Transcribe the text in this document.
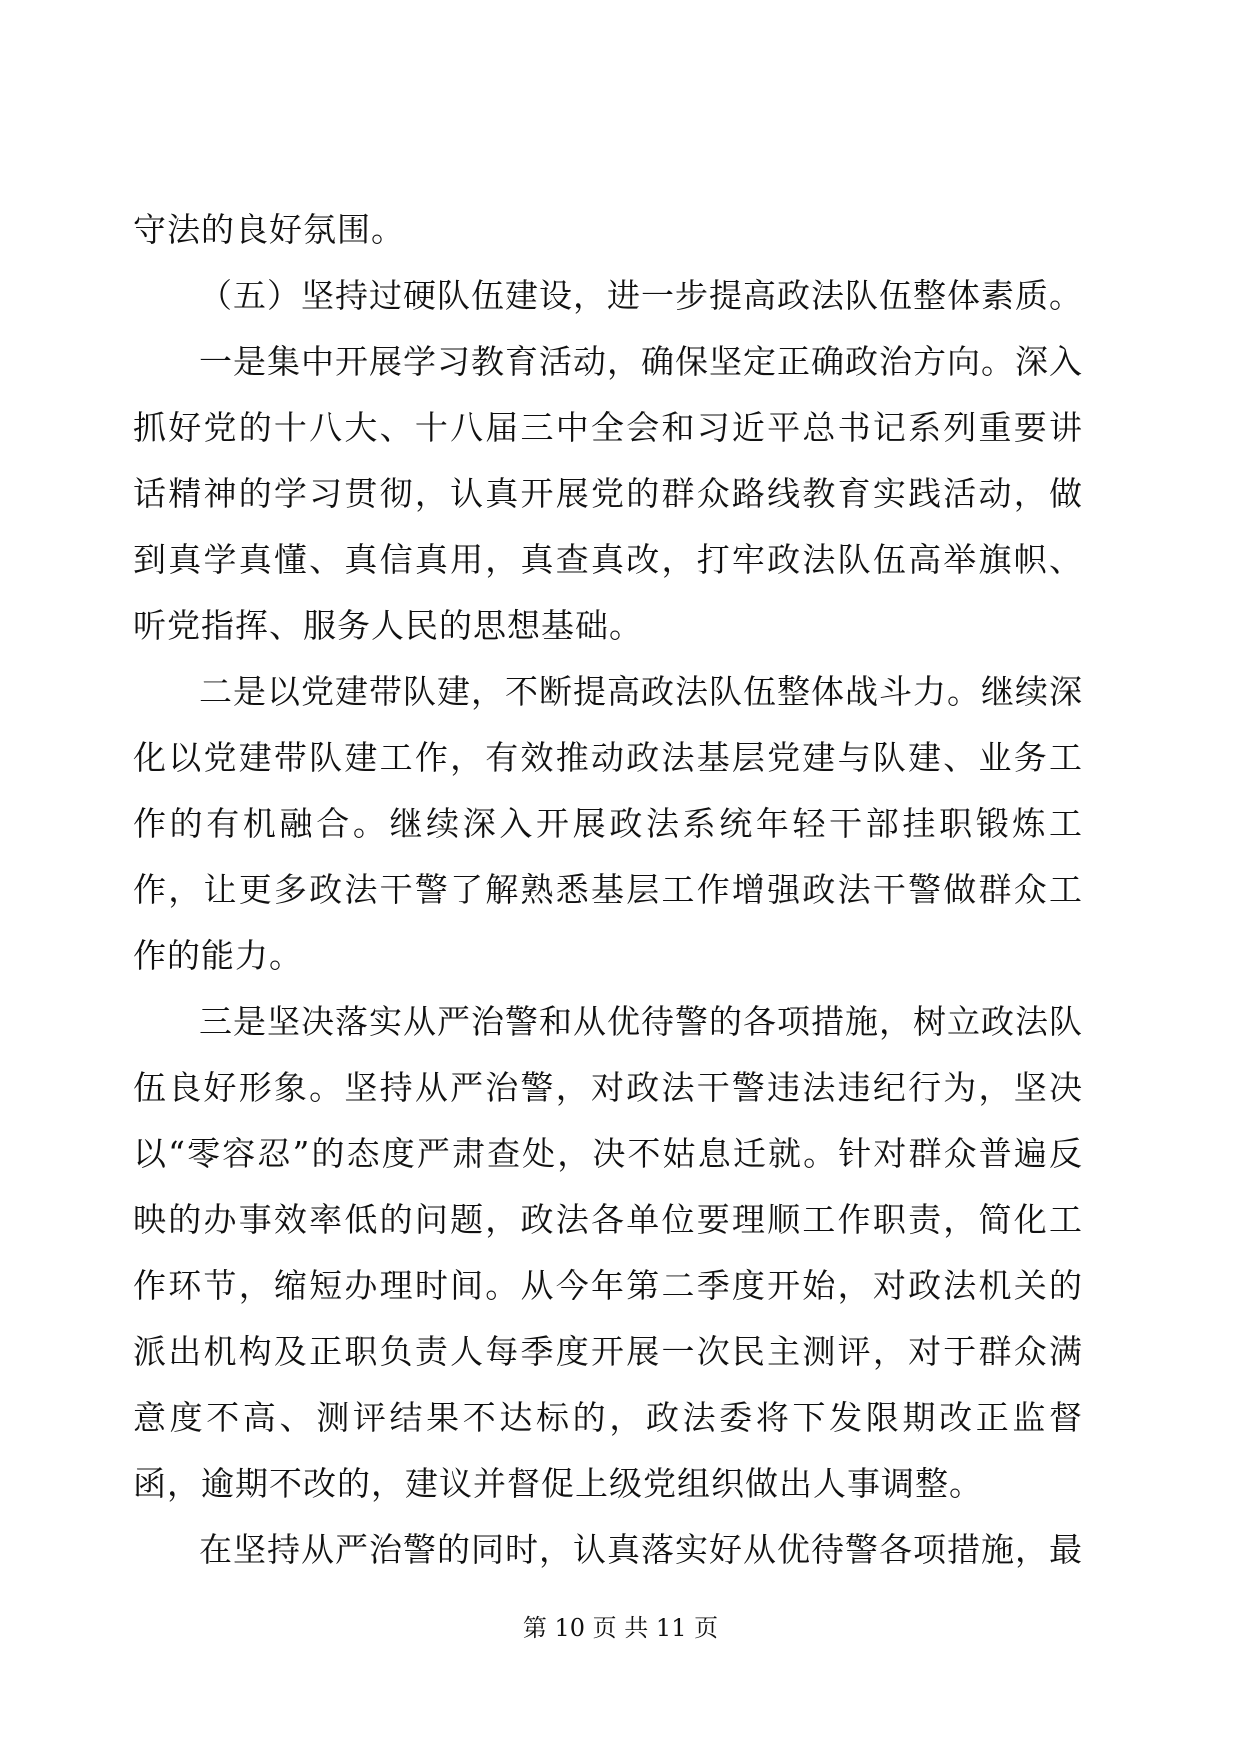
守法的良好氛围。

（五）坚持过硬队伍建设，进一步提高政法队伍整体素质。

一是集中开展学习教育活动，确保坚定正确政治方向。深入抓好党的十八大、十八届三中全会和习近平总书记系列重要讲话精神的学习贯彻，认真开展党的群众路线教育实践活动，做到真学真懂、真信真用，真查真改，打牢政法队伍高举旗帜、听党指挥、服务人民的思想基础。

二是以党建带队建，不断提高政法队伍整体战斗力。继续深化以党建带队建工作，有效推动政法基层党建与队建、业务工作的有机融合。继续深入开展政法系统年轻干部挂职锻炼工作，让更多政法干警了解熟悉基层工作增强政法干警做群众工作的能力。

三是坚决落实从严治警和从优待警的各项措施，树立政法队伍良好形象。坚持从严治警，对政法干警违法违纪行为，坚决以“零容忍”的态度严肃查处，决不姑息迁就。针对群众普遍反映的办事效率低的问题，政法各单位要理顺工作职责，简化工作环节，缩短办理时间。从今年第二季度开始，对政法机关的派出机构及正职负责人每季度开展一次民主测评，对于群众满意度不高、测评结果不达标的，政法委将下发限期改正监督函，逾期不改的，建议并督促上级党组织做出人事调整。

在坚持从严治警的同时，认真落实好从优待警各项措施，最

第 10 页 共 11 页
